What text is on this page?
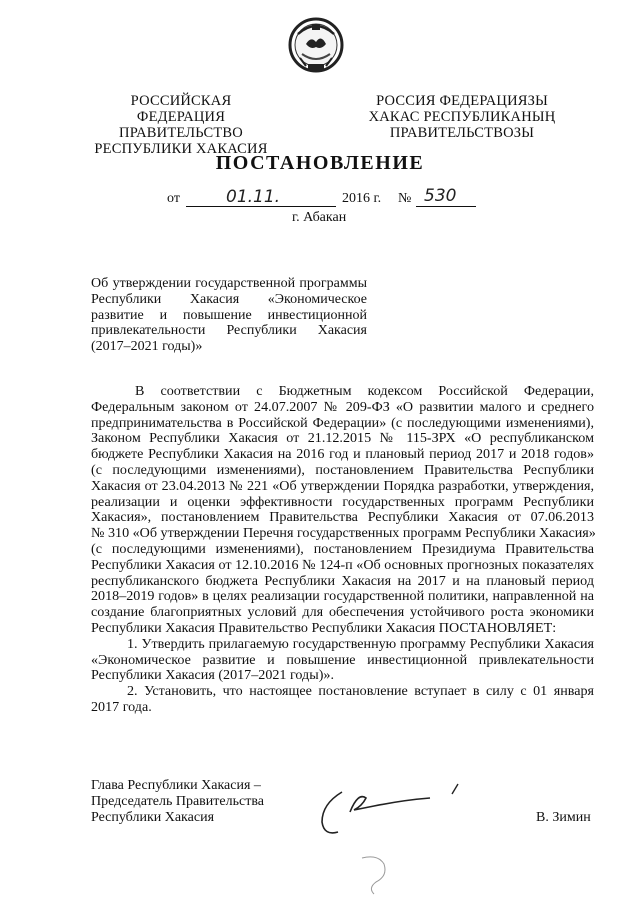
РОССИЙСКАЯ ФЕДЕРАЦИЯ
ПРАВИТЕЛЬСТВО
РЕСПУБЛИКИ ХАКАСИЯ
РОССИЯ ФЕДЕРАЦИЯЗЫ
ХАКАС РЕСПУБЛИКАНЫҢ
ПРАВИТЕЛЬСТВОЗЫ
ПОСТАНОВЛЕНИЕ
от	01.11.	2016 г. № 530
г. Абакан
Об утверждении государственной программы
Республики Хакасия «Экономическое
развитие и повышение инвестиционной
привлекательности Республики Хакасия
(2017–2021 годы)»
В соответствии с Бюджетным кодексом Российской Федерации,
Федеральным законом от 24.07.2007 № 209-ФЗ «О развитии малого и среднего
предпринимательства в Российской Федерации» (с последующими изменениями),
Законом Республики Хакасия от 21.12.2015 № 115-ЗРХ «О республиканском
бюджете Республики Хакасия на 2016 год и плановый период 2017 и 2018 годов»
(с последующими изменениями), постановлением Правительства Республики
Хакасия от 23.04.2013 № 221 «Об утверждении Порядка разработки, утверждения,
реализации и оценки эффективности государственных программ Республики
Хакасия», постановлением Правительства Республики Хакасия от 07.06.2013
№ 310 «Об утверждении Перечня государственных программ Республики Хакасия»
(с последующими изменениями), постановлением Президиума Правительства
Республики Хакасия от 12.10.2016 № 124-п «Об основных прогнозных показателях
республиканского бюджета Республики Хакасия на 2017 и на плановый период
2018–2019 годов» в целях реализации государственной политики, направленной на
создание благоприятных условий для обеспечения устойчивого роста экономики
Республики Хакасия Правительство Республики Хакасия ПОСТАНОВЛЯЕТ:
1. Утвердить прилагаемую государственную программу Республики Хакасия
«Экономическое развитие и повышение инвестиционной привлекательности
Республики Хакасия (2017–2021 годы)».
2. Установить, что настоящее постановление вступает в силу с 01 января
2017 года.
Глава Республики Хакасия –
Председатель Правительства
Республики Хакасия	В. Зимин
